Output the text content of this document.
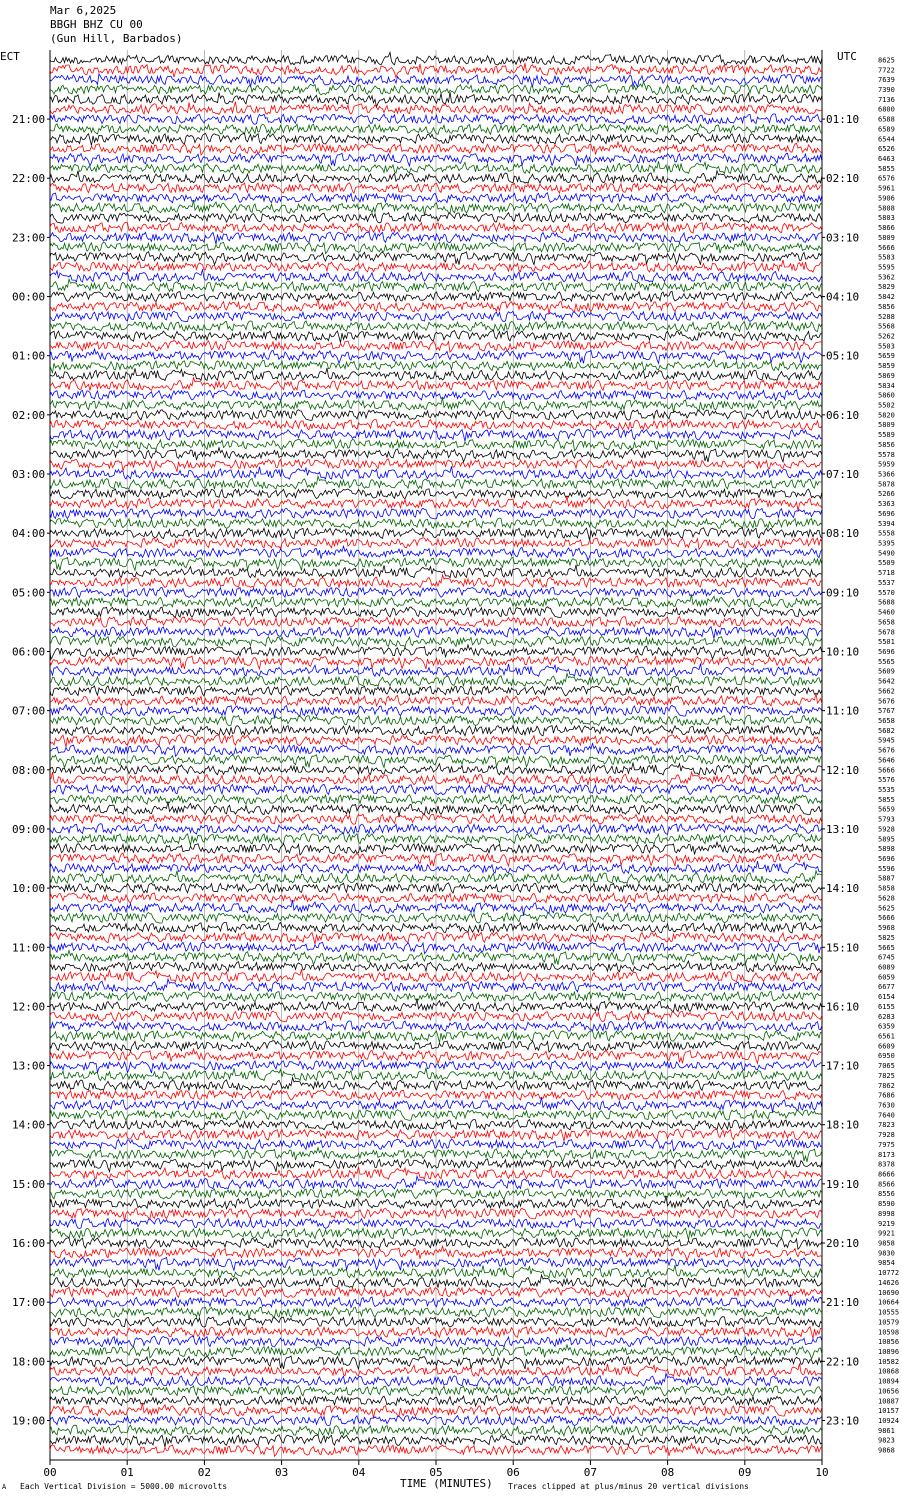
Mar 6,2025
BBGH BHZ CU 00
(Gun Hill, Barbados)
ECT	UTC	8625
7722
7639
7390
7136
6800
6588
6589
6544
6526
6463
5855
6576
5961
5906
5808
5803
5866
5809
5666
5583
5595
5362
5829
5842
5856
5288
5568
5262
5503
5659
5859
5869
5834
5860
5502
5820
5809
5589
5856
5578
5959
5366
5878
5266
5363
5696
5394
5558
5395
5490
5509
5718
5537
5570
5688
5460
5658
5678
5501
5696
5565
5609
5642
5662
5676
5767
5658
5682
5945
5676
5646
5666
5576
5535
5855
5659
5793
5928
5895
5898
5696
5596
5887
5858
5628
5625
5666
5968
5825
5665
6745
6089
6059
6677
6154
6155
6283
6359
6561
6609
6950
7065
7825
7862
7686
7630
7640
7823
7928
7975
8173
8378
8666
8566
8556
8590
8998
9219
9921
9858
9830
9854
10772
14626
10690
10664
10555
10579
10598
10856
10896
10582
10868
10894
10656
10887
10157
10924
9861
9823
9868
21:00
22:00
23:00
00:00
01:00
02:00
03:00
04:00
05:00
06:00
07:00
08:00
09:00
10:00
11:00
12:00
13:00
14:00
15:00
16:00
17:00
18:00
19:00
01:10
02:10
03:10
04:10
05:10
06:10
07:10
08:10
09:10
10:10
11:10
12:10
13:10
14:10
15:10
16:10
17:10
18:10
19:10
20:10
21:10
22:10
23:10
00	01	02	03	04	05	06	07	08	09	10
TIME (MINUTES)
Each Vertical Division = 5000.00 microvolts	Traces clipped at plus/minus 20 vertical divisions
A
